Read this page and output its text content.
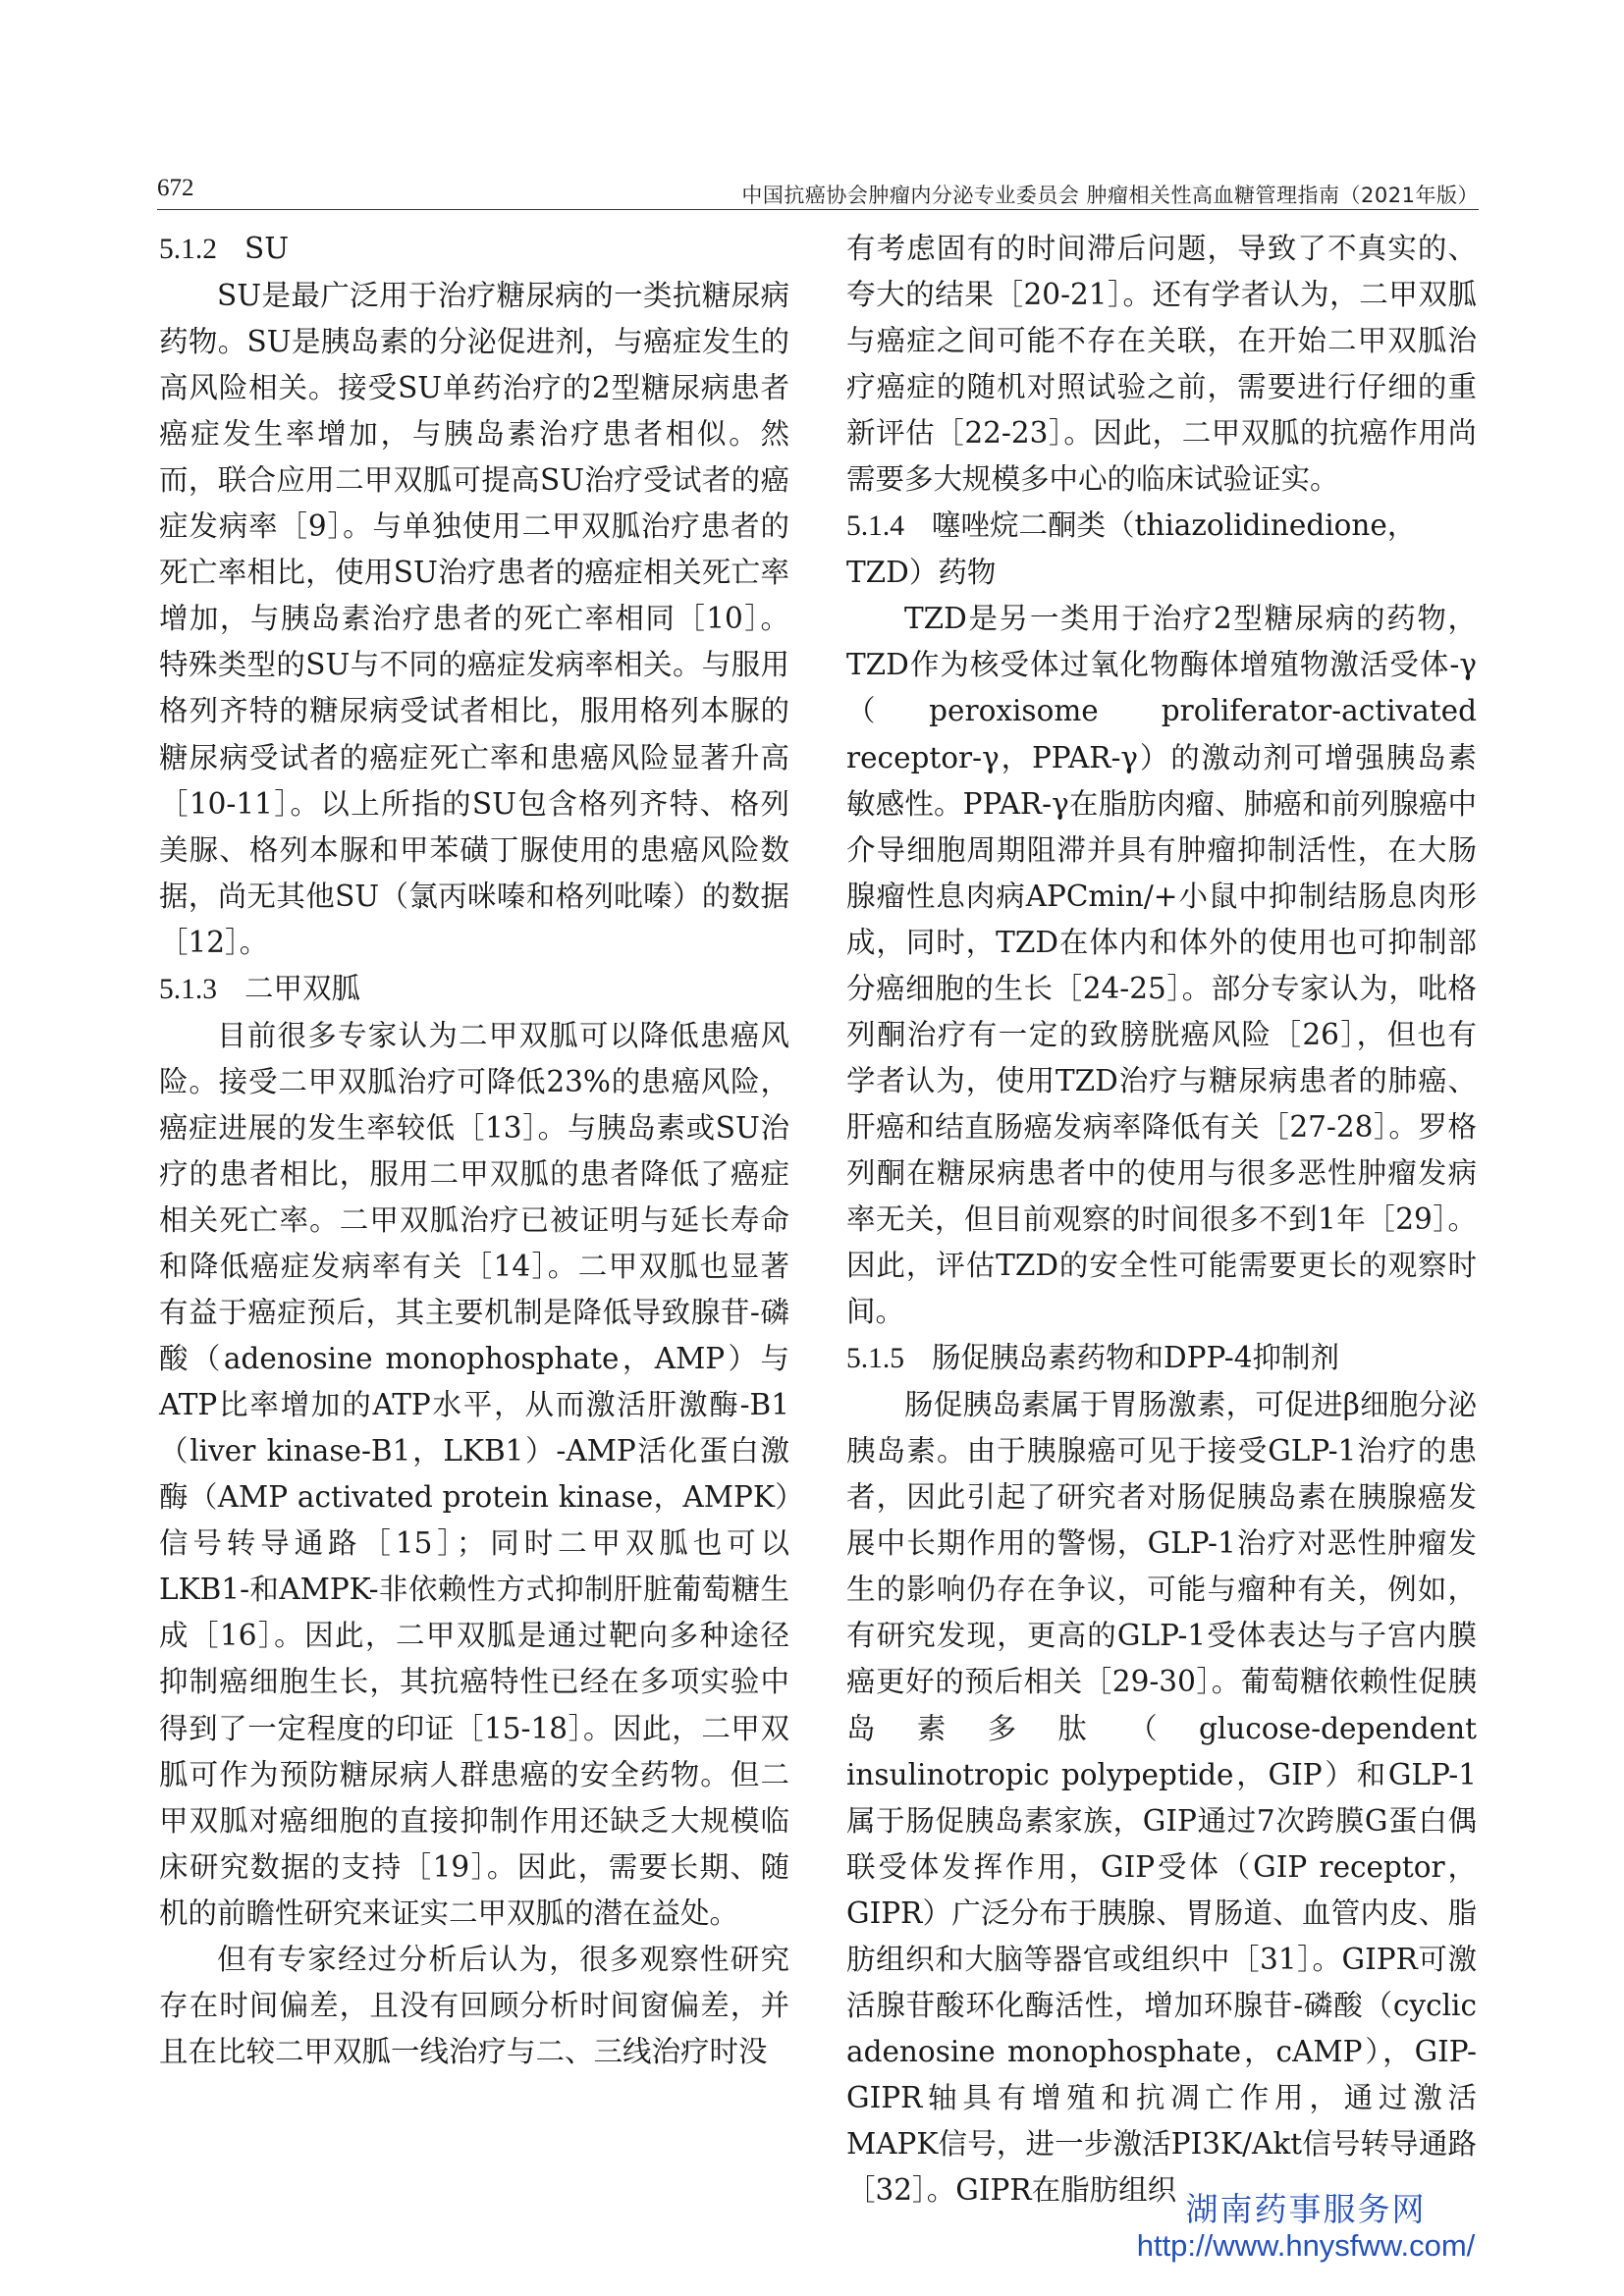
672	中国抗癌协会肿瘤内分泌专业委员会 肿瘤相关性高血糖管理指南（2021年版）
5.1.2 SU

SU是最广泛用于治疗糖尿病的一类抗糖尿病药物。SU是胰岛素的分泌促进剂，与癌症发生的高风险相关。接受SU单药治疗的2型糖尿病患者癌症发生率增加，与胰岛素治疗患者相似。然而，联合应用二甲双胍可提高SU治疗受试者的癌症发病率［9］。与单独使用二甲双胍治疗患者的死亡率相比，使用SU治疗患者的癌症相关死亡率增加，与胰岛素治疗患者的死亡率相同［10］。特殊类型的SU与不同的癌症发病率相关。与服用格列齐特的糖尿病受试者相比，服用格列本脲的糖尿病受试者的癌症死亡率和患癌风险显著升高［10-11］。以上所指的SU包含格列齐特、格列美脲、格列本脲和甲苯磺丁脲使用的患癌风险数据，尚无其他SU（氯丙咪嗪和格列吡嗪）的数据［12］。

5.1.3 二甲双胍

目前很多专家认为二甲双胍可以降低患癌风险。接受二甲双胍治疗可降低23%的患癌风险，癌症进展的发生率较低［13］。与胰岛素或SU治疗的患者相比，服用二甲双胍的患者降低了癌症相关死亡率。二甲双胍治疗已被证明与延长寿命和降低癌症发病率有关［14］。二甲双胍也显著有益于癌症预后，其主要机制是降低导致腺苷-磷酸（adenosine monophosphate，AMP）与ATP比率增加的ATP水平，从而激活肝激酶-B1（liver kinase-B1，LKB1）-AMP活化蛋白激酶（AMP activated protein kinase，AMPK）信号转导通路［15］；同时二甲双胍也可以LKB1-和AMPK-非依赖性方式抑制肝脏葡萄糖生成［16］。因此，二甲双胍是通过靶向多种途径抑制癌细胞生长，其抗癌特性已经在多项实验中得到了一定程度的印证［15-18］。因此，二甲双胍可作为预防糖尿病人群患癌的安全药物。但二甲双胍对癌细胞的直接抑制作用还缺乏大规模临床研究数据的支持［19］。因此，需要长期、随机的前瞻性研究来证实二甲双胍的潜在益处。

但有专家经过分析后认为，很多观察性研究存在时间偏差，且没有回顾分析时间窗偏差，并且在比较二甲双胍一线治疗与二、三线治疗时没

有考虑固有的时间滞后问题，导致了不真实的、夸大的结果［20-21］。还有学者认为，二甲双胍与癌症之间可能不存在关联，在开始二甲双胍治疗癌症的随机对照试验之前，需要进行仔细的重新评估［22-23］。因此，二甲双胍的抗癌作用尚需要多大规模多中心的临床试验证实。

5.1.4 噻唑烷二酮类（thiazolidinedione，TZD）药物

TZD是另一类用于治疗2型糖尿病的药物，TZD作为核受体过氧化物酶体增殖物激活受体-γ（peroxisome proliferator-activated receptor-γ，PPAR-γ）的激动剂可增强胰岛素敏感性。PPAR-γ在脂肪肉瘤、肺癌和前列腺癌中介导细胞周期阻滞并具有肿瘤抑制活性，在大肠腺瘤性息肉病APCmin/+小鼠中抑制结肠息肉形成，同时，TZD在体内和体外的使用也可抑制部分癌细胞的生长［24-25］。部分专家认为，吡格列酮治疗有一定的致膀胱癌风险［26］，但也有学者认为，使用TZD治疗与糖尿病患者的肺癌、肝癌和结直肠癌发病率降低有关［27-28］。罗格列酮在糖尿病患者中的使用与很多恶性肿瘤发病率无关，但目前观察的时间很多不到1年［29］。因此，评估TZD的安全性可能需要更长的观察时间。

5.1.5 肠促胰岛素药物和DPP-4抑制剂

肠促胰岛素属于胃肠激素，可促进β细胞分泌胰岛素。由于胰腺癌可见于接受GLP-1治疗的患者，因此引起了研究者对肠促胰岛素在胰腺癌发展中长期作用的警惕，GLP-1治疗对恶性肿瘤发生的影响仍存在争议，可能与瘤种有关，例如，有研究发现，更高的GLP-1受体表达与子宫内膜癌更好的预后相关［29-30］。葡萄糖依赖性促胰岛素多肽（glucose-dependent insulinotropic polypeptide，GIP）和GLP-1属于肠促胰岛素家族，GIP通过7次跨膜G蛋白偶联受体发挥作用，GIP受体（GIP receptor，GIPR）广泛分布于胰腺、胃肠道、血管内皮、脂肪组织和大脑等器官或组织中［31］。GIPR可激活腺苷酸环化酶活性，增加环腺苷-磷酸（cyclic adenosine monophosphate，cAMP），GIP-GIPR轴具有增殖和抗凋亡作用，通过激活MAPK信号，进一步激活PI3K/Akt信号转导通路［32］。GIPR在脂肪组织

湖南药事服务网
http://www.hnysfww.com/
